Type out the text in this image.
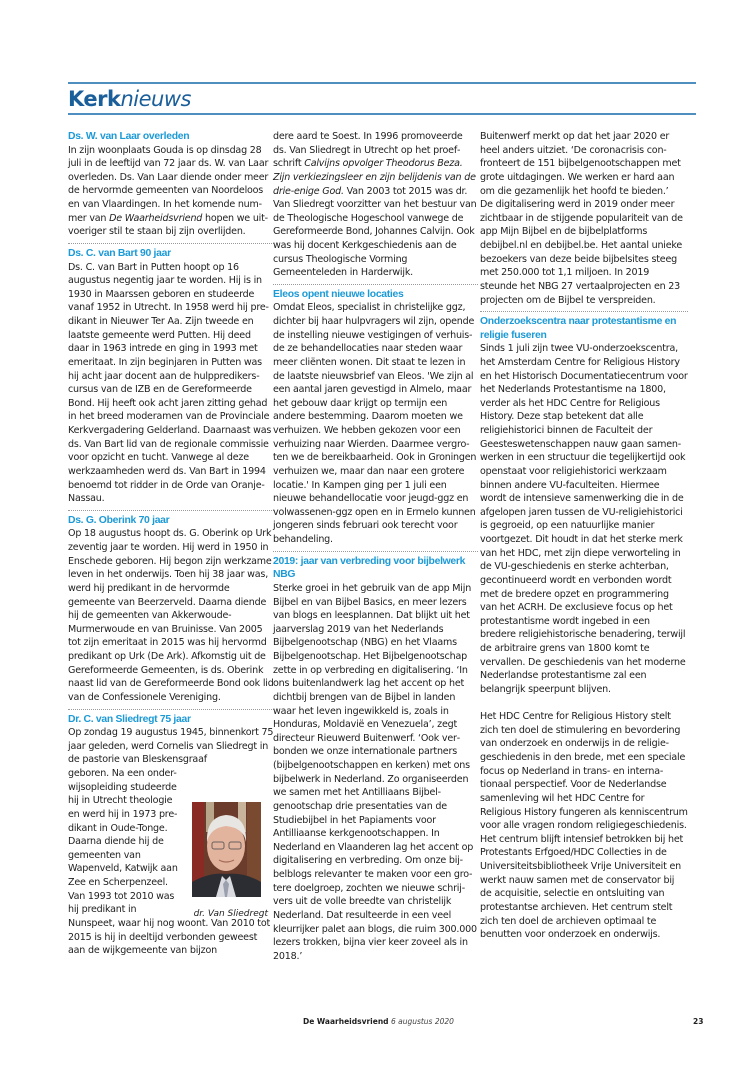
Kerknieuws
Ds. W. van Laar overleden

In zijn woonplaats Gouda is op dinsdag 28 juli in de leeftijd van 72 jaar ds. W. van Laar overleden. Ds. Van Laar diende onder meer de hervormde gemeenten van Noordeloos en van Vlaardingen. In het komende nummer van De Waarheidsvriend hopen we uitvoeriger stil te staan bij zijn overlijden.

Ds. C. van Bart 90 jaar

Ds. C. van Bart in Putten hoopt op 16 augustus negentig jaar te worden. Hij is in 1930 in Maarssen geboren en studeerde vanaf 1952 in Utrecht. In 1958 werd hij predikant in Nieuwer Ter Aa. Zijn tweede en laatste gemeente werd Putten. Hij deed daar in 1963 intrede en ging in 1993 met emeritaat. In zijn beginjaren in Putten was hij acht jaar docent aan de hulppredikerscursus van de IZB en de Gereformeerde Bond. Hij heeft ook acht jaren zitting gehad in het breed moderamen van de Provinciale Kerkvergadering Gelderland. Daarnaast was ds. Van Bart lid van de regionale commissie voor opzicht en tucht. Vanwege al deze werkzaamheden werd ds. Van Bart in 1994 benoemd tot ridder in de Orde van Oranje-Nassau.

Ds. G. Oberink 70 jaar

Op 18 augustus hoopt ds. G. Oberink op Urk zeventig jaar te worden. Hij werd in 1950 in Enschede geboren. Hij begon zijn werkzame leven in het onderwijs. Toen hij 38 jaar was, werd hij predikant in de hervormde gemeente van Beerzerveld. Daarna diende hij de gemeenten van Akkerwoude-Murmerwoude en van Bruinisse. Van 2005 tot zijn emeritaat in 2015 was hij hervormd predikant op Urk (De Ark). Afkomstig uit de Gereformeerde Gemeenten, is ds. Oberink naast lid van de Gereformeerde Bond ook lid van de Confessionele Vereniging.

Dr. C. van Sliedregt 75 jaar

Op zondag 19 augustus 1945, binnenkort 75 jaar geleden, werd Cornelis van Sliedregt in de pastorie van Bleskensgraaf

geboren. Na een onder-
wijsopleiding studeerde
hij in Utrecht theologie
en werd hij in 1973 pre-
dikant in Oude-Tonge.
Daarna diende hij de
gemeenten van
Wapenveld, Katwijk aan
Zee en Scherpenzeel.
Van 1993 tot 2010 was
hij predikant in

Nunspeet, waar hij nog woont. Van 2010 tot 2015 is hij in deeltijd verbonden geweest aan de wijkgemeente van bijzon

dr. Van Sliedregt

dere aard te Soest. In 1996 promoveerde ds. Van Sliedregt in Utrecht op het proefschrift Calvijns opvolger Theodorus Beza. Zijn verkiezingsleer en zijn belijdenis van de drie-enige God. Van 2003 tot 2015 was dr. Van Sliedregt voorzitter van het bestuur van de Theologische Hogeschool vanwege de Gereformeerde Bond, Johannes Calvijn. Ook was hij docent Kerkgeschiedenis aan de cursus Theologische Vorming Gemeenteleden in Harderwijk.

Eleos opent nieuwe locaties

Omdat Eleos, specialist in christelijke ggz, dichter bij haar hulpvragers wil zijn, opende de instelling nieuwe vestigingen of verhuisde ze behandellocaties naar steden waar meer cliënten wonen. Dit staat te lezen in de laatste nieuwsbrief van Eleos. 'We zijn al een aantal jaren gevestigd in Almelo, maar het gebouw daar krijgt op termijn een andere bestemming. Daarom moeten we verhuizen. We hebben gekozen voor een verhuizing naar Wierden. Daarmee vergroten we de bereikbaarheid. Ook in Groningen verhuizen we, maar dan naar een grotere locatie.' In Kampen ging per 1 juli een nieuwe behandellocatie voor jeugd-ggz en volwassenen-ggz open en in Ermelo kunnen jongeren sinds februari ook terecht voor behandeling.

2019: jaar van verbreding voor bijbelwerk NBG

Sterke groei in het gebruik van de app Mijn Bijbel en van Bijbel Basics, en meer lezers van blogs en leesplannen. Dat blijkt uit het jaarverslag 2019 van het Nederlands Bijbelgenootschap (NBG) en het Vlaams Bijbelgenootschap. Het Bijbelgenootschap zette in op verbreding en digitalisering. ‘In ons buitenlandwerk lag het accent op het dichtbij brengen van de Bijbel in landen waar het leven ingewikkeld is, zoals in Honduras, Moldavië en Venezuela’, zegt directeur Rieuwerd Buitenwerf. ‘Ook verbonden we onze internationale partners (bijbelgenootschappen en kerken) met ons bijbelwerk in Nederland. Zo organiseerden we samen met het Antilliaans Bijbelgenootschap drie presentaties van de Studiebijbel in het Papiaments voor Antilliaanse kerkgenootschappen. In Nederland en Vlaanderen lag het accent op digitalisering en verbreding. Om onze bijbelblogs relevanter te maken voor een grotere doelgroep, zochten we nieuwe schrijvers uit de volle breedte van christelijk Nederland. Dat resulteerde in een veel kleurrijker palet aan blogs, die ruim 300.000 lezers trokken, bijna vier keer zoveel als in 2018.’

Buitenwerf merkt op dat het jaar 2020 er heel anders uitziet. ‘De coronacrisis confronteert de 151 bijbelgenootschappen met grote uitdagingen. We werken er hard aan om die gezamenlijk het hoofd te bieden.’

De digitalisering werd in 2019 onder meer zichtbaar in de stijgende populariteit van de app Mijn Bijbel en de bijbelplatforms debijbel.nl en debijbel.be. Het aantal unieke bezoekers van deze beide bijbelsites steeg met 250.000 tot 1,1 miljoen. In 2019 steunde het NBG 27 vertaalprojecten en 23 projecten om de Bijbel te verspreiden.

Onderzoekscentra naar protestantisme en religie fuseren

Sinds 1 juli zijn twee VU-onderzoekscentra, het Amsterdam Centre for Religious History en het Historisch Documentatiecentrum voor het Nederlands Protestantisme na 1800, verder als het HDC Centre for Religious History. Deze stap betekent dat alle religiehistorici binnen de Faculteit der Geesteswetenschappen nauw gaan samenwerken in een structuur die tegelijkertijd ook openstaat voor religiehistorici werkzaam binnen andere VU-faculteiten. Hiermee wordt de intensieve samenwerking die in de afgelopen jaren tussen de VU-religiehistorici is gegroeid, op een natuurlijke manier voortgezet. Dit houdt in dat het sterke merk van het HDC, met zijn diepe verworteling in de VU-geschiedenis en sterke achterban, gecontinueerd wordt en verbonden wordt met de bredere opzet en programmering van het ACRH. De exclusieve focus op het protestantisme wordt ingebed in een bredere religiehistorische benadering, terwijl de arbitraire grens van 1800 komt te vervallen. De geschiedenis van het moderne Nederlandse protestantisme zal een belangrijk speerpunt blijven.

Het HDC Centre for Religious History stelt zich ten doel de stimulering en bevordering van onderzoek en onderwijs in de religiegeschiedenis in den brede, met een speciale focus op Nederland in trans- en internationaal perspectief. Voor de Nederlandse samenleving wil het HDC Centre for Religious History fungeren als kenniscentrum voor alle vragen rondom religiegeschiedenis. Het centrum blijft intensief betrokken bij het Protestants Erfgoed/HDC Collecties in de Universiteitsbibliotheek Vrije Universiteit en werkt nauw samen met de conservator bij de acquisitie, selectie en ontsluiting van protestantse archieven. Het centrum stelt zich ten doel de archieven optimaal te benutten voor onderzoek en onderwijs.

De Waarheidsvriend 6 augustus 2020	23
